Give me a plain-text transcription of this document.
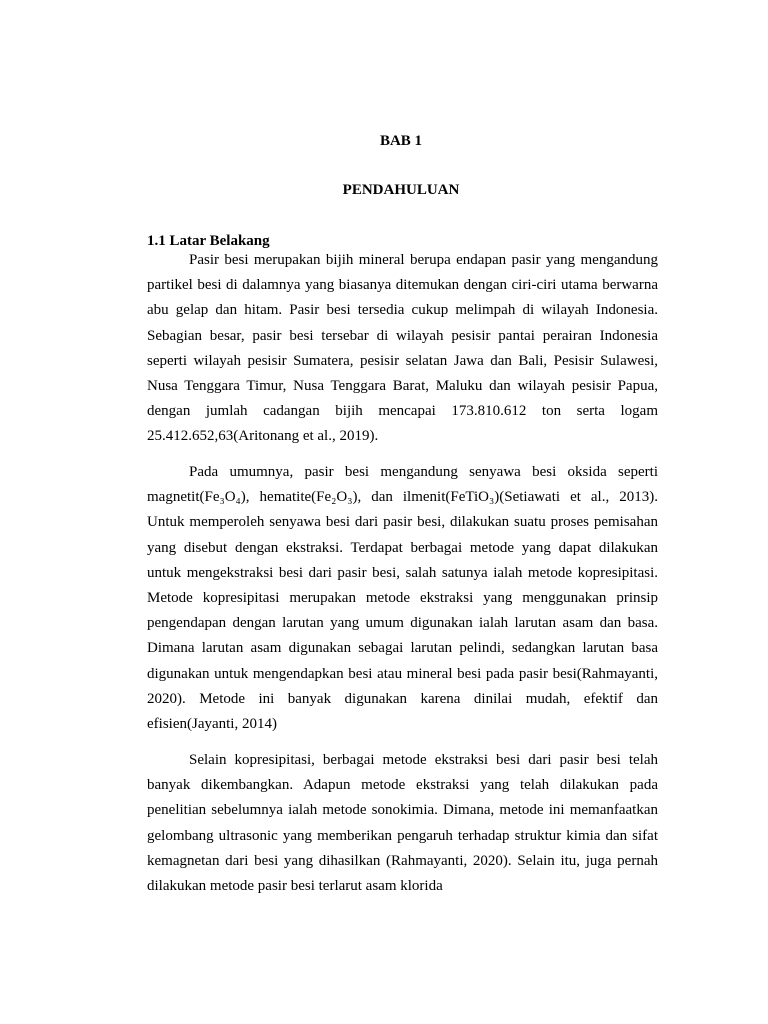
BAB 1
PENDAHULUAN
1.1 Latar Belakang

Pasir besi merupakan bijih mineral berupa endapan pasir yang mengandung partikel besi di dalamnya yang biasanya ditemukan dengan ciri-ciri utama berwarna abu gelap dan hitam. Pasir besi tersedia cukup melimpah di wilayah Indonesia. Sebagian besar, pasir besi tersebar di wilayah pesisir pantai perairan Indonesia seperti wilayah pesisir Sumatera, pesisir selatan Jawa dan Bali, Pesisir Sulawesi, Nusa Tenggara Timur, Nusa Tenggara Barat, Maluku dan wilayah pesisir Papua, dengan jumlah cadangan bijih mencapai 173.810.612 ton serta logam 25.412.652,63(Aritonang et al., 2019).

Pada umumnya, pasir besi mengandung senyawa besi oksida seperti magnetit(Fe₃O₄), hematite(Fe₂O₃), dan ilmenit(FeTiO₃)(Setiawati et al., 2013). Untuk memperoleh senyawa besi dari pasir besi, dilakukan suatu proses pemisahan yang disebut dengan ekstraksi. Terdapat berbagai metode yang dapat dilakukan untuk mengekstraksi besi dari pasir besi, salah satunya ialah metode kopresipitasi. Metode kopresipitasi merupakan metode ekstraksi yang menggunakan prinsip pengendapan dengan larutan yang umum digunakan ialah larutan asam dan basa. Dimana larutan asam digunakan sebagai larutan pelindi, sedangkan larutan basa digunakan untuk mengendapkan besi atau mineral besi pada pasir besi(Rahmayanti, 2020). Metode ini banyak digunakan karena dinilai mudah, efektif dan efisien(Jayanti, 2014)

Selain kopresipitasi, berbagai metode ekstraksi besi dari pasir besi telah banyak dikembangkan. Adapun metode ekstraksi yang telah dilakukan pada penelitian sebelumnya ialah metode sonokimia. Dimana, metode ini memanfaatkan gelombang ultrasonic yang memberikan pengaruh terhadap struktur kimia dan sifat kemagnetan dari besi yang dihasilkan (Rahmayanti, 2020). Selain itu, juga pernah dilakukan metode pasir besi terlarut asam klorida
